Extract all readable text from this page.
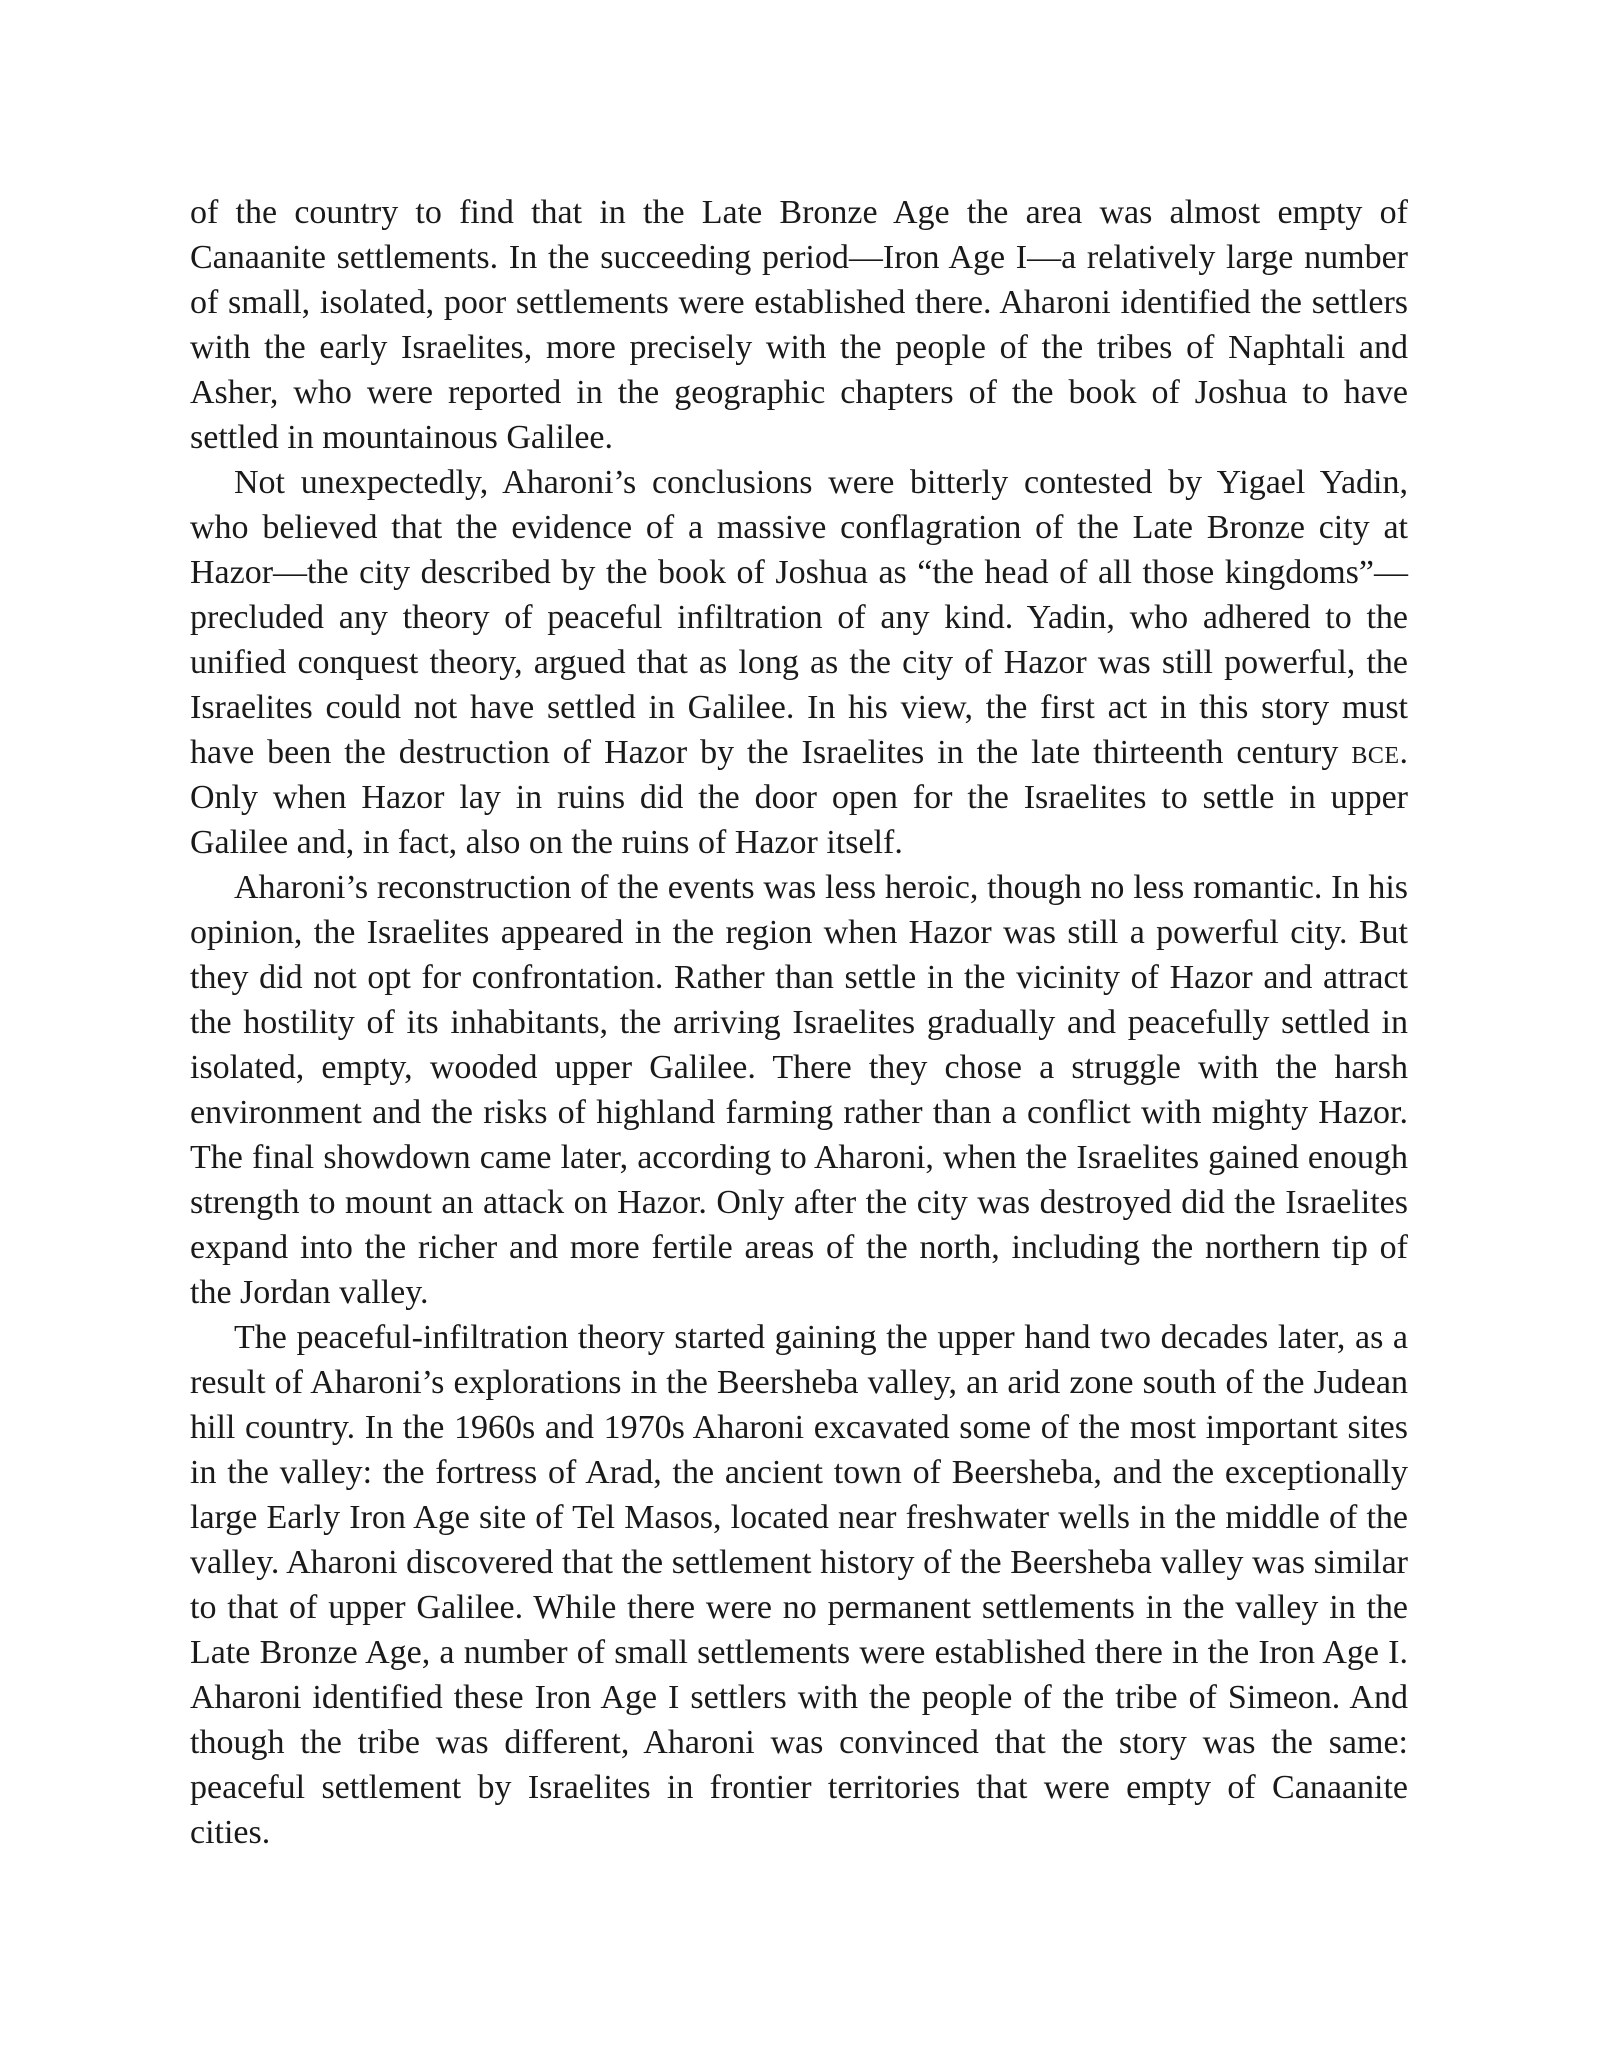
of the country to find that in the Late Bronze Age the area was almost empty of Canaanite settlements. In the succeeding period—Iron Age I—a relatively large number of small, isolated, poor settlements were established there. Aharoni identified the settlers with the early Israelites, more precisely with the people of the tribes of Naphtali and Asher, who were reported in the geographic chapters of the book of Joshua to have settled in mountainous Galilee.

Not unexpectedly, Aharoni’s conclusions were bitterly contested by Yigael Yadin, who believed that the evidence of a massive conflagration of the Late Bronze city at Hazor—the city described by the book of Joshua as “the head of all those kingdoms”—precluded any theory of peaceful infiltration of any kind. Yadin, who adhered to the unified conquest theory, argued that as long as the city of Hazor was still powerful, the Israelites could not have settled in Galilee. In his view, the first act in this story must have been the destruction of Hazor by the Israelites in the late thirteenth century bce. Only when Hazor lay in ruins did the door open for the Israelites to settle in upper Galilee and, in fact, also on the ruins of Hazor itself.

Aharoni’s reconstruction of the events was less heroic, though no less romantic. In his opinion, the Israelites appeared in the region when Hazor was still a powerful city. But they did not opt for confrontation. Rather than settle in the vicinity of Hazor and attract the hostility of its inhabitants, the arriving Israelites gradually and peacefully settled in isolated, empty, wooded upper Galilee. There they chose a struggle with the harsh environment and the risks of highland farming rather than a conflict with mighty Hazor. The final showdown came later, according to Aharoni, when the Israelites gained enough strength to mount an attack on Hazor. Only after the city was destroyed did the Israelites expand into the richer and more fertile areas of the north, including the northern tip of the Jordan valley.

The peaceful-infiltration theory started gaining the upper hand two decades later, as a result of Aharoni’s explorations in the Beersheba valley, an arid zone south of the Judean hill country. In the 1960s and 1970s Aharoni excavated some of the most important sites in the valley: the fortress of Arad, the ancient town of Beersheba, and the exceptionally large Early Iron Age site of Tel Masos, located near freshwater wells in the middle of the valley. Aharoni discovered that the settlement history of the Beersheba valley was similar to that of upper Galilee. While there were no permanent settlements in the valley in the Late Bronze Age, a number of small settlements were established there in the Iron Age I. Aharoni identified these Iron Age I settlers with the people of the tribe of Simeon. And though the tribe was different, Aharoni was convinced that the story was the same: peaceful settlement by Israelites in frontier territories that were empty of Canaanite cities.
